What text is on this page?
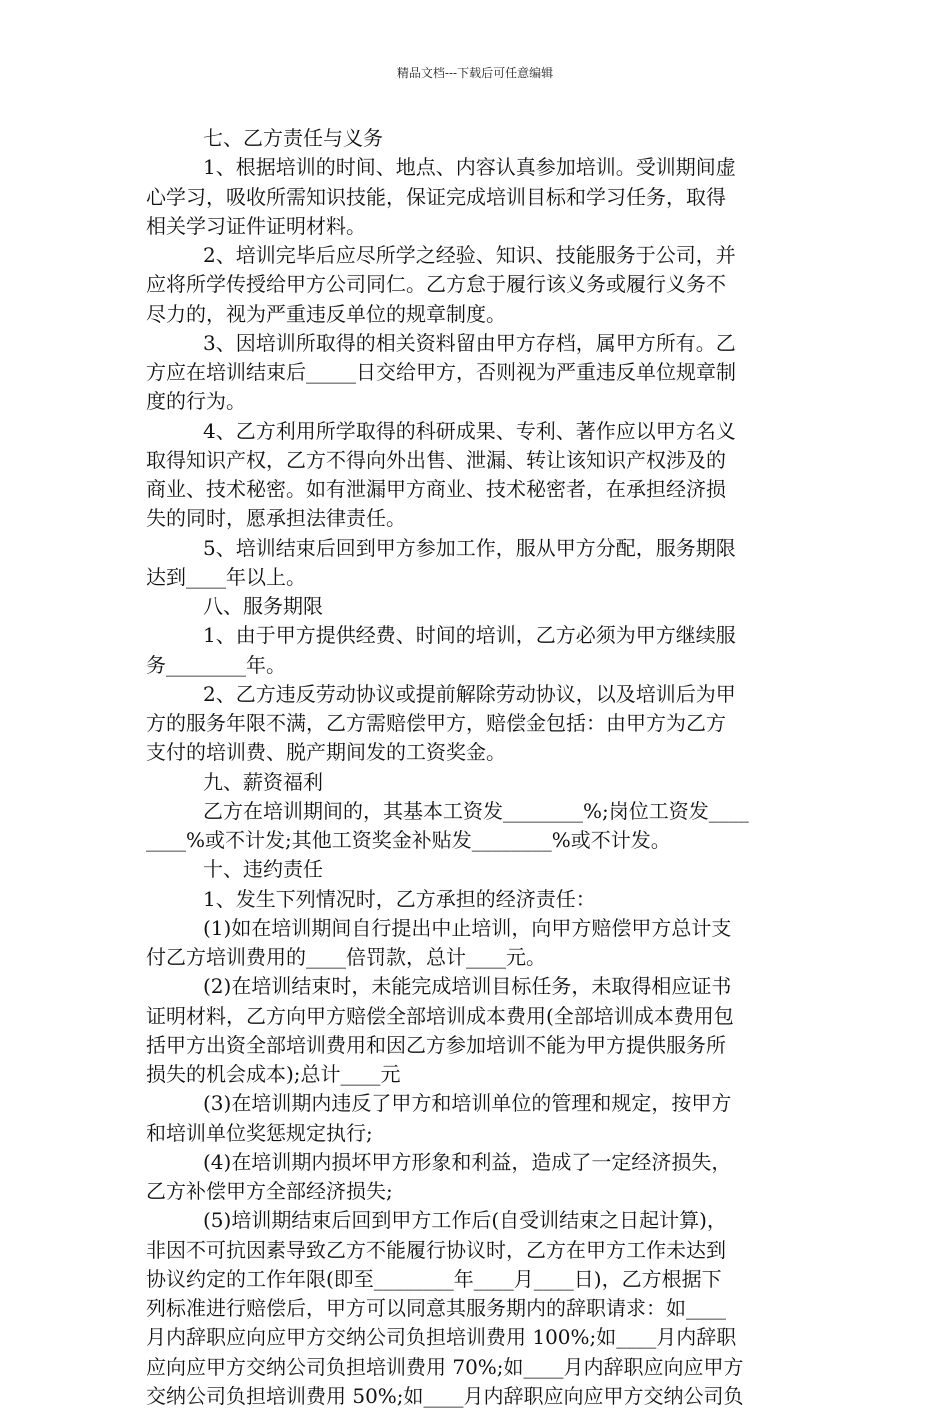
精品文档---下载后可任意编辑
七、乙方责任与义务
1、根据培训的时间、地点、内容认真参加培训。受训期间虚
心学习，吸收所需知识技能，保证完成培训目标和学习任务，取得
相关学习证件证明材料。
2、培训完毕后应尽所学之经验、知识、技能服务于公司，并
应将所学传授给甲方公司同仁。乙方怠于履行该义务或履行义务不
尽力的，视为严重违反单位的规章制度。
3、因培训所取得的相关资料留由甲方存档，属甲方所有。乙
方应在培训结束后_____日交给甲方，否则视为严重违反单位规章制
度的行为。
4、乙方利用所学取得的科研成果、专利、著作应以甲方名义
取得知识产权，乙方不得向外出售、泄漏、转让该知识产权涉及的
商业、技术秘密。如有泄漏甲方商业、技术秘密者，在承担经济损
失的同时，愿承担法律责任。
5、培训结束后回到甲方参加工作，服从甲方分配，服务期限
达到____年以上。
八、服务期限
1、由于甲方提供经费、时间的培训，乙方必须为甲方继续服
务________年。
2、乙方违反劳动协议或提前解除劳动协议，以及培训后为甲
方的服务年限不满，乙方需赔偿甲方，赔偿金包括：由甲方为乙方
支付的培训费、脱产期间发的工资奖金。
九、薪资福利
乙方在培训期间的，其基本工资发________%;岗位工资发____
____%或不计发;其他工资奖金补贴发________%或不计发。
十、违约责任
1、发生下列情况时，乙方承担的经济责任：
(1)如在培训期间自行提出中止培训，向甲方赔偿甲方总计支
付乙方培训费用的____倍罚款，总计____元。
(2)在培训结束时，未能完成培训目标任务，未取得相应证书
证明材料，乙方向甲方赔偿全部培训成本费用(全部培训成本费用包
括甲方出资全部培训费用和因乙方参加培训不能为甲方提供服务所
损失的机会成本);总计____元
(3)在培训期内违反了甲方和培训单位的管理和规定，按甲方
和培训单位奖惩规定执行;
(4)在培训期内损坏甲方形象和利益，造成了一定经济损失，
乙方补偿甲方全部经济损失;
(5)培训期结束后回到甲方工作后(自受训结束之日起计算)，
非因不可抗因素导致乙方不能履行协议时，乙方在甲方工作未达到
协议约定的工作年限(即至________年____月____日)，乙方根据下
列标准进行赔偿后，甲方可以同意其服务期内的辞职请求：如____
月内辞职应向应甲方交纳公司负担培训费用 100%;如____月内辞职
应向应甲方交纳公司负担培训费用 70%;如____月内辞职应向应甲方
交纳公司负担培训费用 50%;如____月内辞职应向应甲方交纳公司负
